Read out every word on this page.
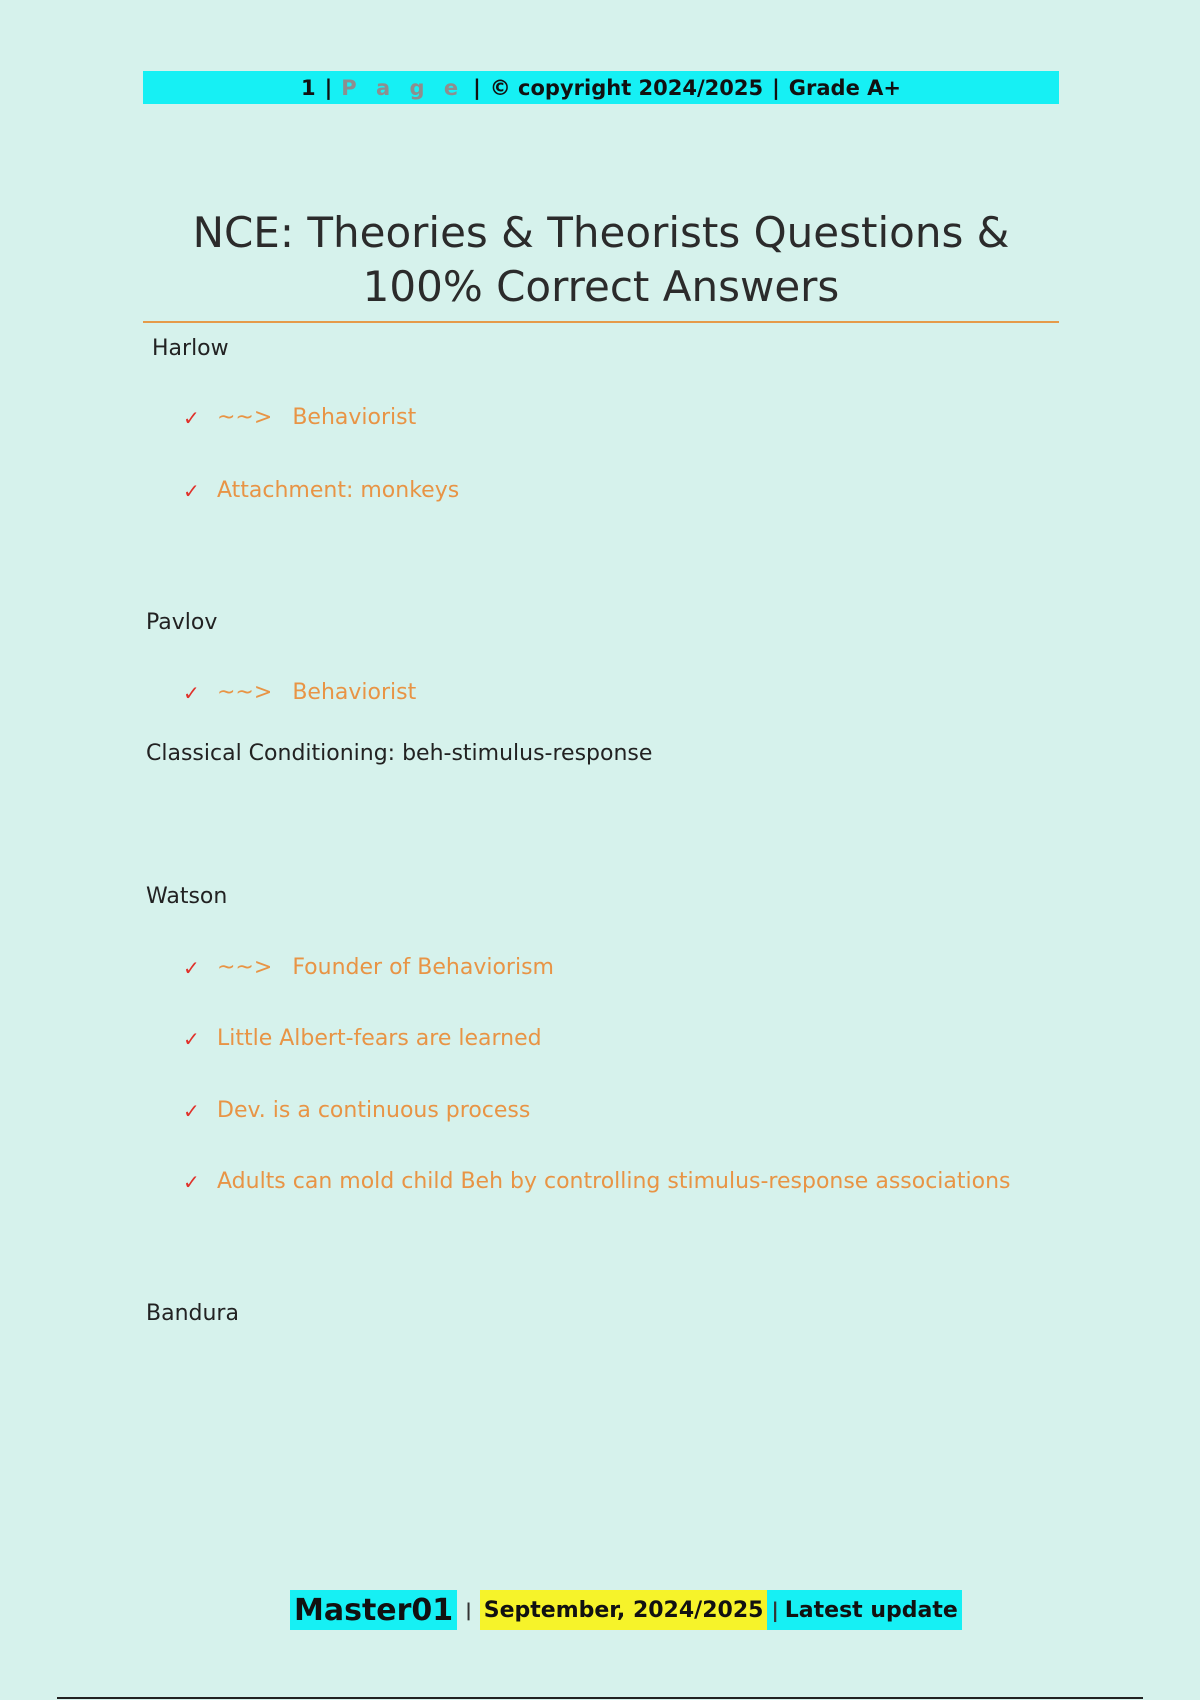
1 | P a g e | © copyright 2024/2025 | Grade A+
NCE: Theories & Theorists Questions &
100% Correct Answers
Harlow
✓ ~~> Behaviorist
✓ Attachment: monkeys
Pavlov
✓ ~~> Behaviorist
Classical Conditioning: beh-stimulus-response
Watson
✓ ~~> Founder of Behaviorism
✓ Little Albert-fears are learned
✓ Dev. is a continuous process
✓ Adults can mold child Beh by controlling stimulus-response associations
Bandura
Master01 | September, 2024/2025 | Latest update
